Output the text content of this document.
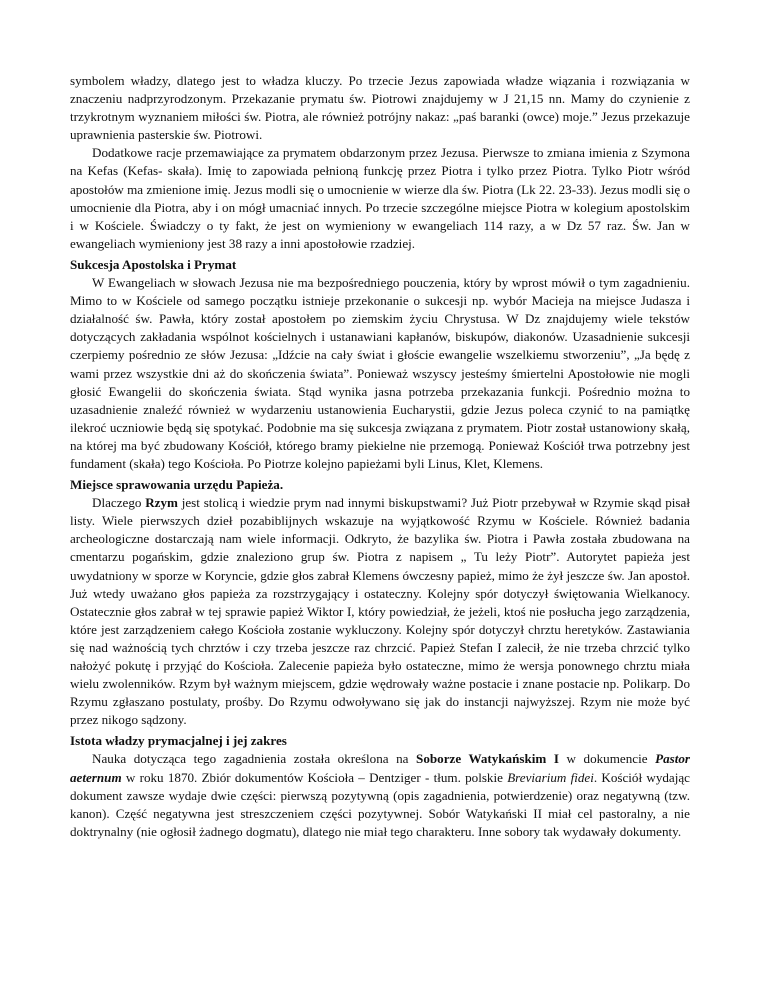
symbolem władzy, dlatego jest to władza kluczy. Po trzecie Jezus zapowiada władze wiązania i rozwiązania w znaczeniu nadprzyrodzonym. Przekazanie prymatu św. Piotrowi znajdujemy w J 21,15 nn. Mamy do czynienie z trzykrotnym wyznaniem miłości św. Piotra, ale również potrójny nakaz: „paś baranki (owce) moje.” Jezus przekazuje uprawnienia pasterskie św. Piotrowi.

Dodatkowe racje przemawiające za prymatem obdarzonym przez Jezusa. Pierwsze to zmiana imienia z Szymona na Kefas (Kefas- skała). Imię to zapowiada pełnioną funkcję przez Piotra i tylko przez Piotra. Tylko Piotr wśród apostołów ma zmienione imię. Jezus modli się o umocnienie w wierze dla św. Piotra (Lk 22. 23-33). Jezus modli się o umocnienie dla Piotra, aby i on mógł umacniać innych. Po trzecie szczególne miejsce Piotra w kolegium apostolskim i w Kościele. Świadczy o ty fakt, że jest on wymieniony w ewangeliach 114 razy, a w Dz 57 raz. Św. Jan w ewangeliach wymieniony jest 38 razy a inni apostołowie rzadziej.

Sukcesja Apostolska i Prymat

W Ewangeliach w słowach Jezusa nie ma bezpośredniego pouczenia, który by wprost mówił o tym zagadnieniu. Mimo to w Kościele od samego początku istnieje przekonanie o sukcesji np. wybór Macieja na miejsce Judasza i działalność św. Pawła, który został apostołem po ziemskim życiu Chrystusa. W Dz znajdujemy wiele tekstów dotyczących zakładania wspólnot kościelnych i ustanawiani kapłanów, biskupów, diakonów. Uzasadnienie sukcesji czerpiemy pośrednio ze słów Jezusa: „Idźcie na cały świat i głoście ewangelie wszelkiemu stworzeniu”, „Ja będę z wami przez wszystkie dni aż do skończenia świata”. Ponieważ wszyscy jesteśmy śmiertelni Apostołowie nie mogli głosić Ewangelii do skończenia świata. Stąd wynika jasna potrzeba przekazania funkcji. Pośrednio można to uzasadnienie znaleźć również w wydarzeniu ustanowienia Eucharystii, gdzie Jezus poleca czynić to na pamiątkę ilekroć uczniowie będą się spotykać. Podobnie ma się sukcesja związana z prymatem. Piotr został ustanowiony skałą, na której ma być zbudowany Kościół, którego bramy piekielne nie przemogą. Ponieważ Kościół trwa potrzebny jest fundament (skała) tego Kościoła. Po Piotrze kolejno papieżami byli Linus, Klet, Klemens.

Miejsce sprawowania urzędu Papieża.

Dlaczego Rzym jest stolicą i wiedzie prym nad innymi biskupstwami? Już Piotr przebywał w Rzymie skąd pisał listy. Wiele pierwszych dzieł pozabiblijnych wskazuje na wyjątkowość Rzymu w Kościele. Również badania archeologiczne dostarczają nam wiele informacji. Odkryto, że bazylika św. Piotra i Pawła została zbudowana na cmentarzu pogańskim, gdzie znaleziono grup św. Piotra z napisem „ Tu leży Piotr”. Autorytet papieża jest uwydatniony w sporze w Koryncie, gdzie głos zabrał Klemens ówczesny papież, mimo że żył jeszcze św. Jan apostoł. Już wtedy uważano głos papieża za rozstrzygający i ostateczny. Kolejny spór dotyczył świętowania Wielkanocy. Ostatecznie głos zabrał w tej sprawie papież Wiktor I, który powiedział, że jeżeli, ktoś nie posłucha jego zarządzenia, które jest zarządzeniem całego Kościoła zostanie wykluczony. Kolejny spór dotyczył chrztu heretyków. Zastawiania się nad ważnością tych chrztów i czy trzeba jeszcze raz chrzcić. Papież Stefan I zalecił, że nie trzeba chrzcić tylko nałożyć pokutę i przyjąć do Kościoła. Zalecenie papieża było ostateczne, mimo że wersja ponownego chrztu miała wielu zwolenników. Rzym był ważnym miejscem, gdzie wędrowały ważne postacie i znane postacie np. Polikarp. Do Rzymu zgłaszano postulaty, prośby. Do Rzymu odwoływano się jak do instancji najwyższej. Rzym nie może być przez nikogo sądzony.

Istota władzy prymacjalnej i jej zakres

Nauka dotycząca tego zagadnienia została określona na Soborze Watykańskim I w dokumencie Pastor aeternum w roku 1870. Zbiór dokumentów Kościoła – Dentziger - tłum. polskie Breviarium fidei. Kościół wydając dokument zawsze wydaje dwie części: pierwszą pozytywną (opis zagadnienia, potwierdzenie) oraz negatywną (tzw. kanon). Część negatywna jest streszczeniem części pozytywnej. Sobór Watykański II miał cel pastoralny, a nie doktrynalny (nie ogłosił żadnego dogmatu), dlatego nie miał tego charakteru. Inne sobory tak wydawały dokumenty.
